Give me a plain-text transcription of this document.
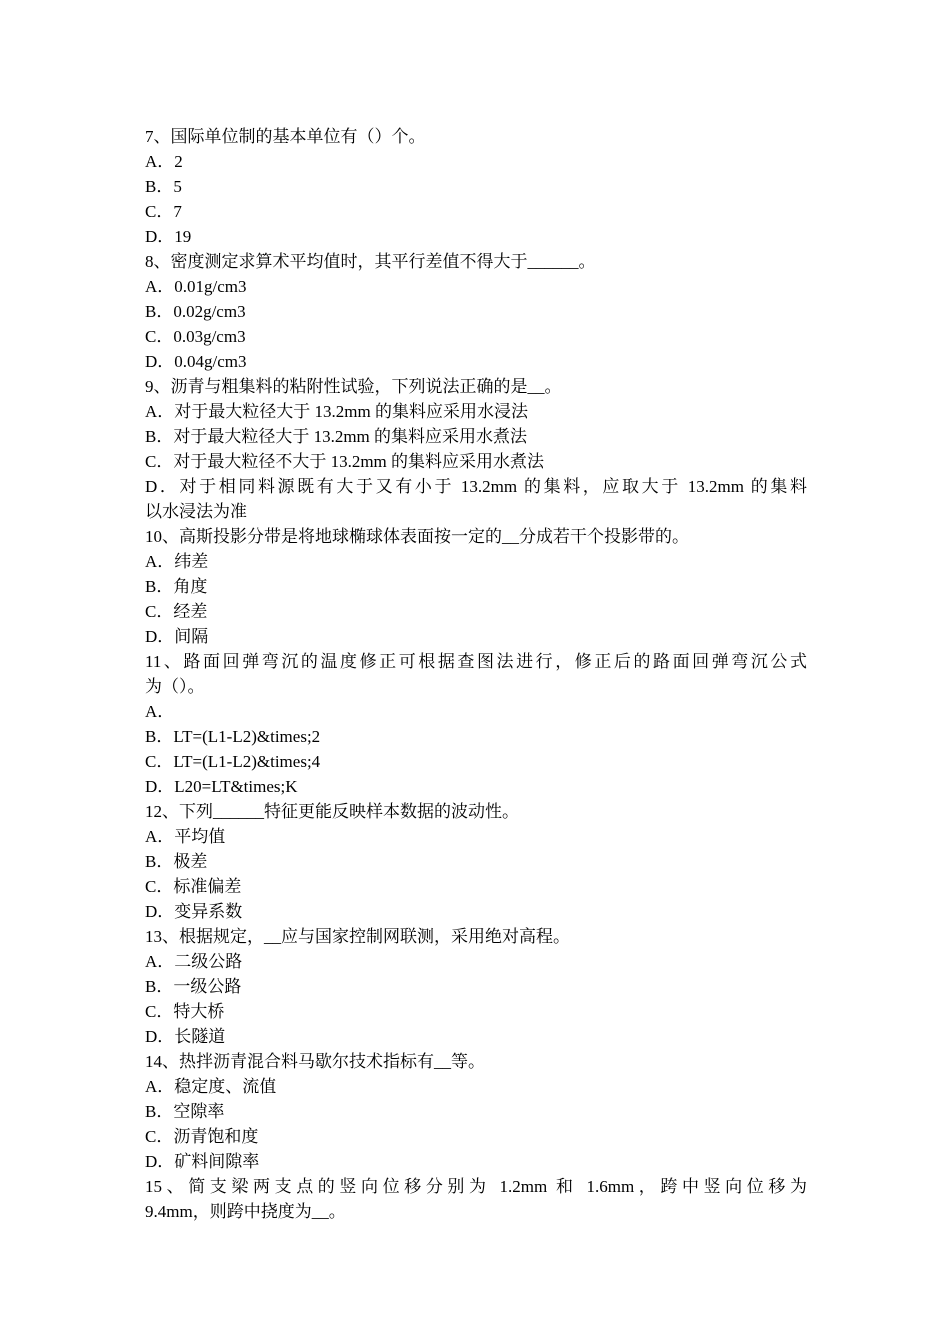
7、国际单位制的基本单位有（）个。

A．2

B．5

C．7

D．19

8、密度测定求算术平均值时，其平行差值不得大于______。

A．0.01g/cm3

B．0.02g/cm3

C．0.03g/cm3

D．0.04g/cm3

9、沥青与粗集料的粘附性试验，下列说法正确的是__。

A．对于最大粒径大于 13.2mm 的集料应采用水浸法

B．对于最大粒径大于 13.2mm 的集料应采用水煮法

C．对于最大粒径不大于 13.2mm 的集料应采用水煮法

D．对于相同料源既有大于又有小于 13.2mm 的集料，应取大于 13.2mm 的集料

以水浸法为准

10、高斯投影分带是将地球椭球体表面按一定的__分成若干个投影带的。

A．纬差

B．角度

C．经差

D．间隔

11、路面回弹弯沉的温度修正可根据查图法进行，修正后的路面回弹弯沉公式

为（）。

A．

B．LT=(L1-L2)&times;2

C．LT=(L1-L2)&times;4

D．L20=LT&times;K

12、下列______特征更能反映样本数据的波动性。

A．平均值

B．极差

C．标准偏差

D．变异系数

13、根据规定，__应与国家控制网联测，采用绝对高程。

A．二级公路

B．一级公路

C．特大桥

D．长隧道

14、热拌沥青混合料马歇尔技术指标有__等。

A．稳定度、流值

B．空隙率

C．沥青饱和度

D．矿料间隙率

15、简支梁两支点的竖向位移分别为 1.2mm 和 1.6mm，跨中竖向位移为

9.4mm，则跨中挠度为__。
